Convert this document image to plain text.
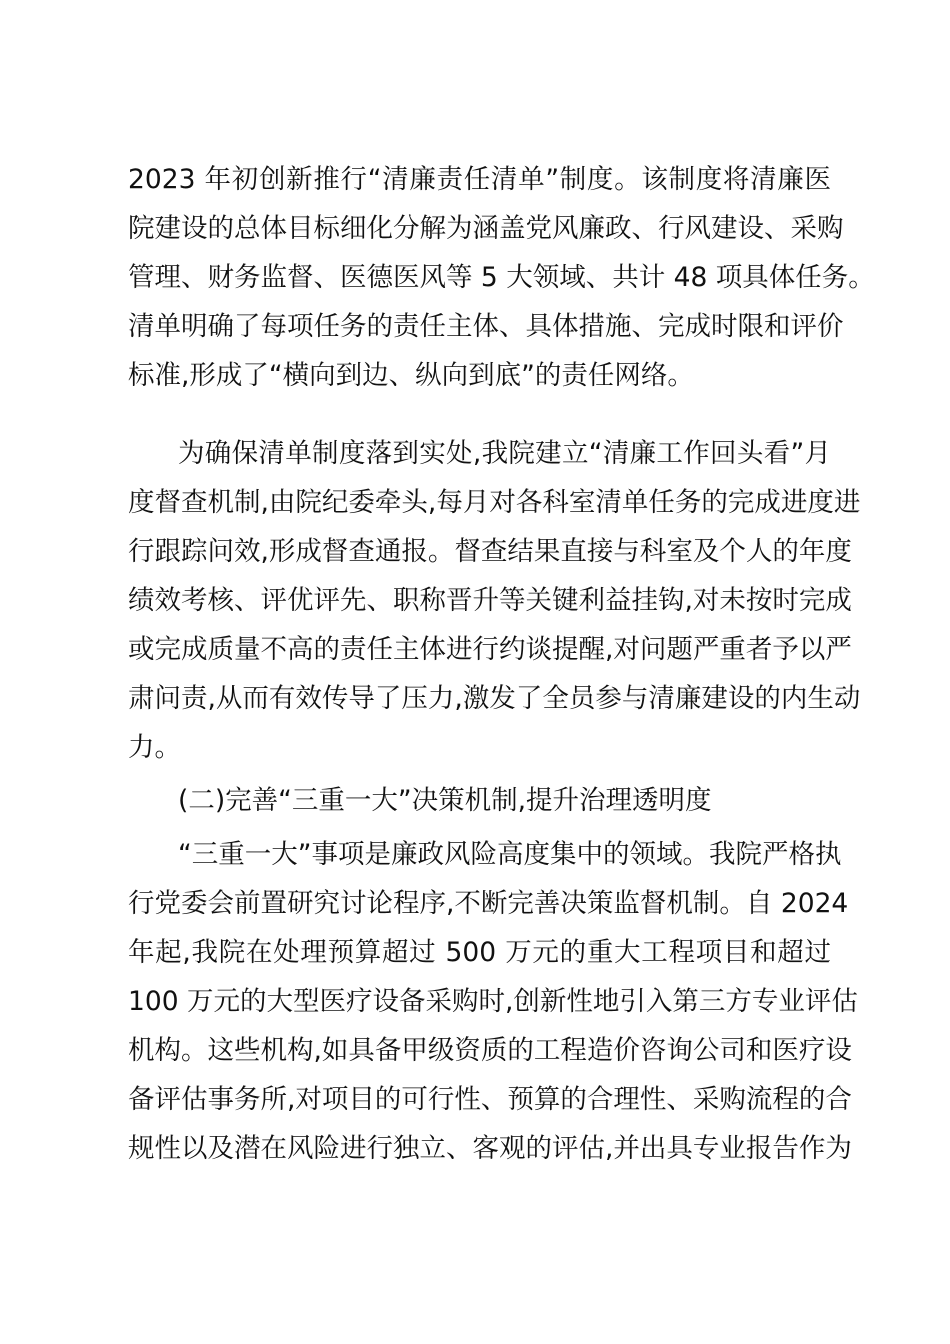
2023 年初创新推行“清廉责任清单”制度。该制度将清廉医
院建设的总体目标细化分解为涵盖党风廉政、行风建设、采购
管理、财务监督、医德医风等 5 大领域、共计 48 项具体任务。
清单明确了每项任务的责任主体、具体措施、完成时限和评价
标准,形成了“横向到边、纵向到底”的责任网络。
为确保清单制度落到实处,我院建立“清廉工作回头看”月
度督查机制,由院纪委牵头,每月对各科室清单任务的完成进度进
行跟踪问效,形成督查通报。督查结果直接与科室及个人的年度
绩效考核、评优评先、职称晋升等关键利益挂钩,对未按时完成
或完成质量不高的责任主体进行约谈提醒,对问题严重者予以严
肃问责,从而有效传导了压力,激发了全员参与清廉建设的内生动
力。
(二)完善“三重一大”决策机制,提升治理透明度
“三重一大”事项是廉政风险高度集中的领域。我院严格执
行党委会前置研究讨论程序,不断完善决策监督机制。自 2024
年起,我院在处理预算超过 500 万元的重大工程项目和超过
100 万元的大型医疗设备采购时,创新性地引入第三方专业评估
机构。这些机构,如具备甲级资质的工程造价咨询公司和医疗设
备评估事务所,对项目的可行性、预算的合理性、采购流程的合
规性以及潜在风险进行独立、客观的评估,并出具专业报告作为
